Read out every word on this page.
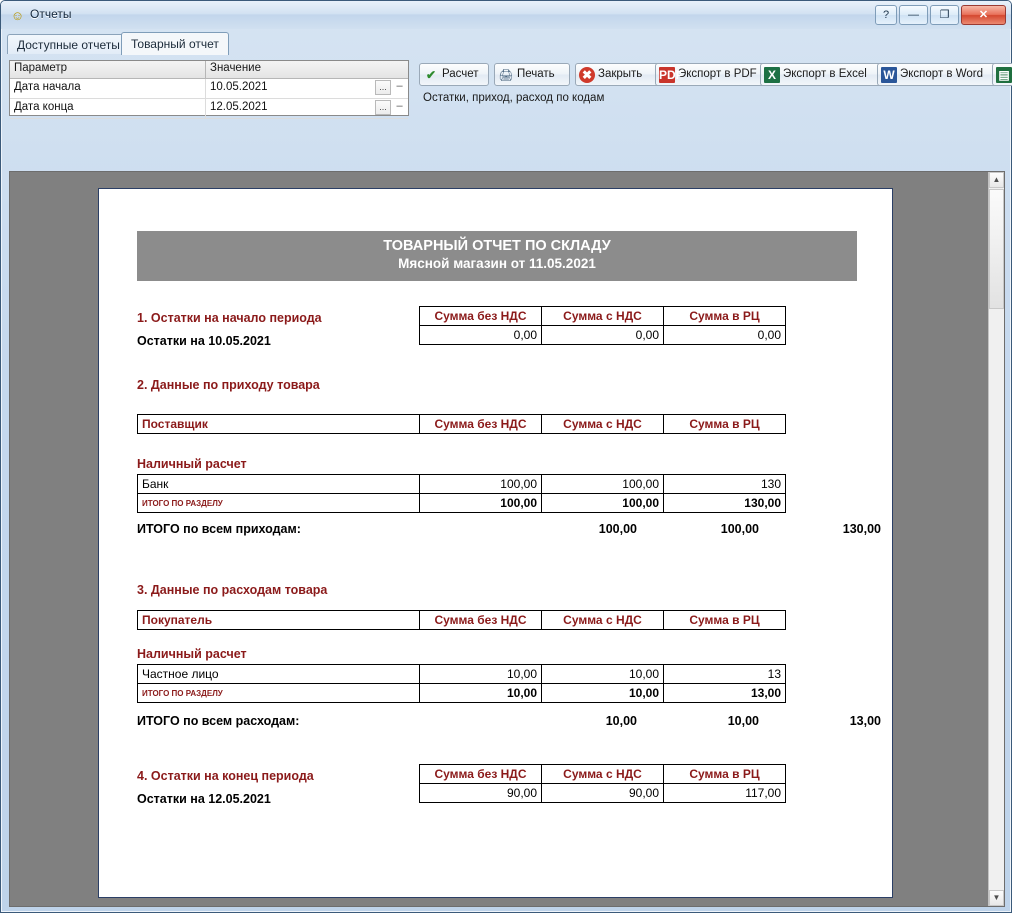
☺ Отчеты	?	—	❐	✕
Доступные отчеты Товарный отчет
Параметр	Значение
Дата начала	10.05.2021	... –
Дата конца	12.05.2021	... –
✔ Расчет	🖨 Печать	✖ Закрыть	PDF
Экспорт в PDF X Экспорт в Excel	W Экспорт в Word	▤
Остатки, приход, расход по кодам
ТОВАРНЫЙ ОТЧЕТ ПО СКЛАДУ
Мясной магазин от 11.05.2021
1. Остатки на начало периода
Остатки на 10.05.2021
Сумма без НДС	Сумма с НДС	Сумма в РЦ
0,00	0,00	0,00
2. Данные по приходу товара
Поставщик	Сумма без НДС	Сумма с НДС	Сумма в РЦ
Наличный расчет
Банк	100,00	100,00	130
ИТОГО ПО РАЗДЕЛУ	100,00	100,00	130,00
ИТОГО по всем приходам:	100,00	100,00	130,00
3. Данные по расходам товара
Покупатель	Сумма без НДС	Сумма с НДС	Сумма в РЦ
Наличный расчет
Частное лицо	10,00	10,00	13
ИТОГО ПО РАЗДЕЛУ	10,00	10,00	13,00
ИТОГО по всем расходам:	10,00	10,00	13,00
4. Остатки на конец периода
Остатки на 12.05.2021
Сумма без НДС	Сумма с НДС	Сумма в РЦ
90,00	90,00	117,00
▲
▼
